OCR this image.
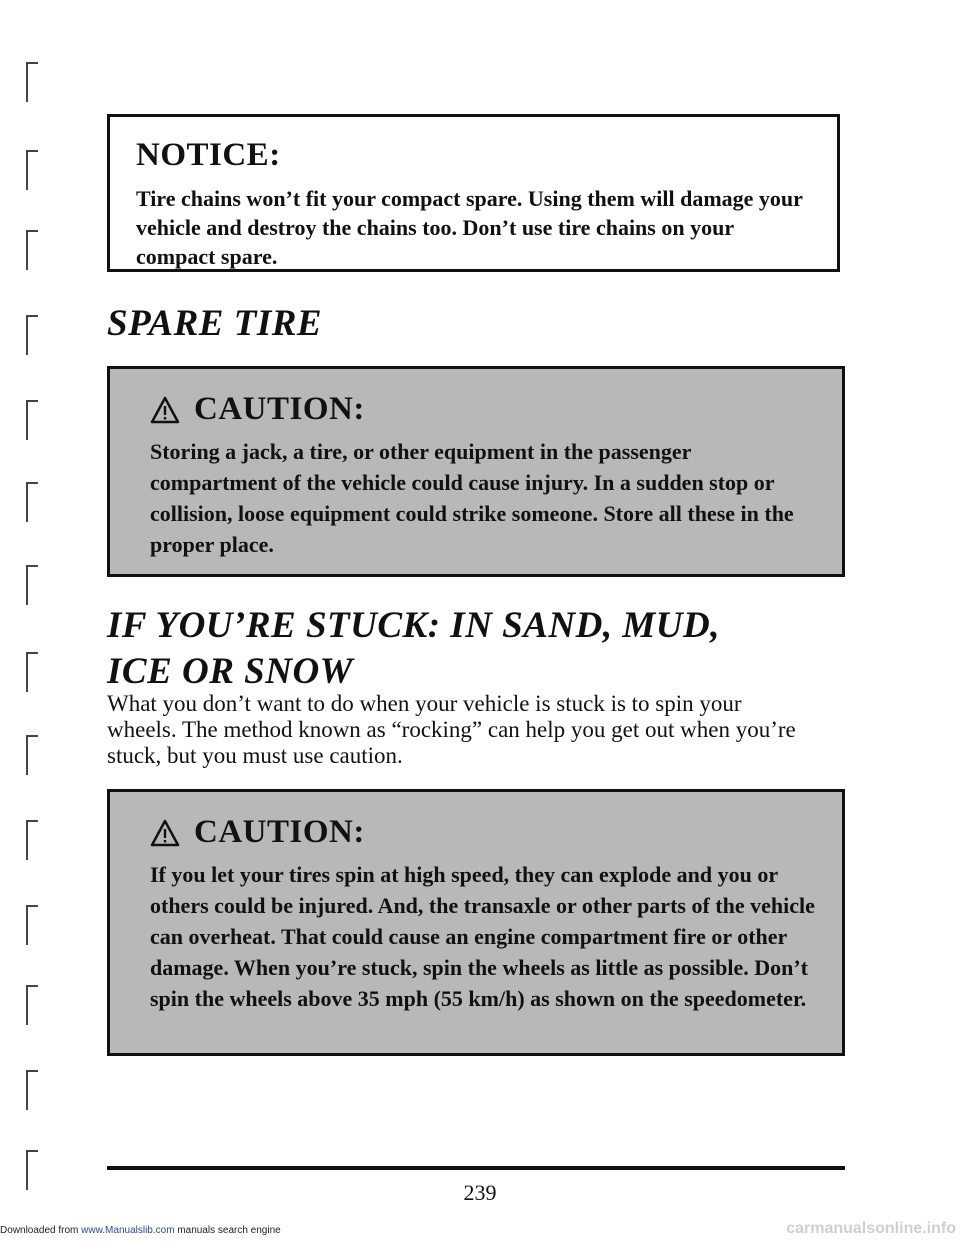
NOTICE:

Tire chains won’t fit your compact spare. Using them will damage your vehicle and destroy the chains too. Don’t use tire chains on your compact spare.

SPARE TIRE
CAUTION:

Storing a jack, a tire, or other equipment in the passenger compartment of the vehicle could cause injury. In a sudden stop or collision, loose equipment could strike someone. Store all these in the proper place.

IF YOU’RE STUCK: IN SAND, MUD,
ICE OR SNOW

What you don’t want to do when your vehicle is stuck is to spin your wheels. The method known as “rocking” can help you get out when you’re stuck, but you must use caution.

CAUTION:

If you let your tires spin at high speed, they can explode and you or others could be injured. And, the transaxle or other parts of the vehicle can overheat. That could cause an engine compartment fire or other damage. When you’re stuck, spin the wheels as little as possible. Don’t spin the wheels above 35 mph (55 km/h) as shown on the speedometer.

239
Downloaded from www.Manualslib.com manuals search engine	carmanualsonline.info
